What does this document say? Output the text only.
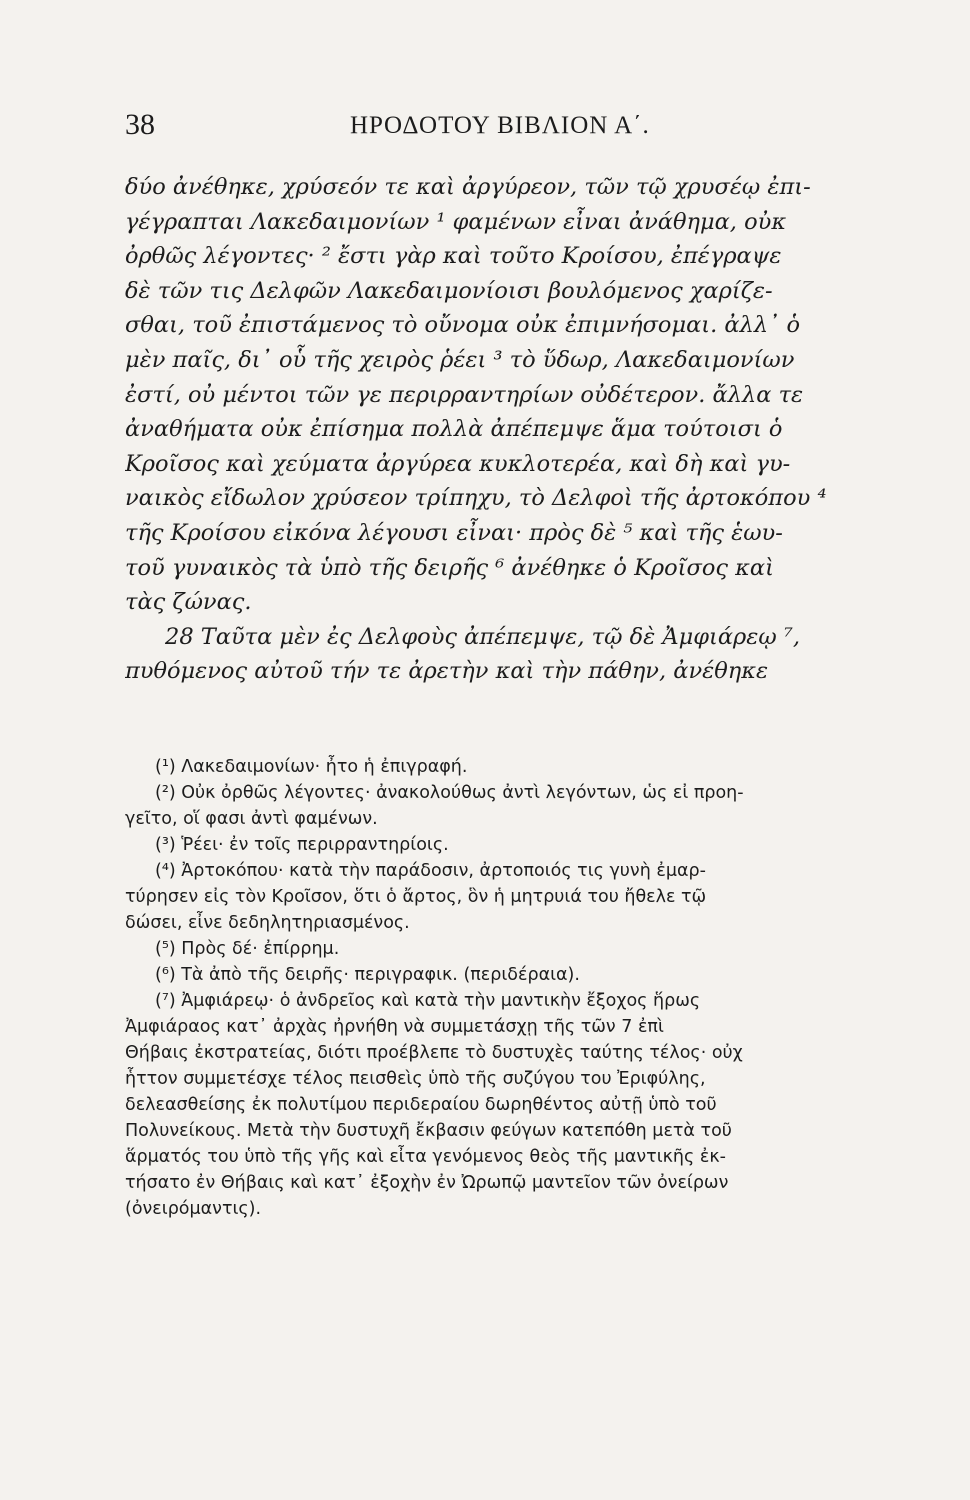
38	ΗΡΟΔΟΤΟΥ ΒΙΒΛΙΟΝ Α΄.
δύο ἀνέθηκε, χρύσεόν τε καὶ ἀργύρεον, τῶν τῷ χρυσέῳ ἐπι-
γέγραπται Λακεδαιμονίων ¹ φαμένων εἶναι ἀνάθημα, οὐκ
ὀρθῶς λέγοντες· ² ἔστι γὰρ καὶ τοῦτο Κροίσου, ἐπέγραψε
δὲ τῶν τις Δελφῶν Λακεδαιμονίοισι βουλόμενος χαρίζε-
σθαι, τοῦ ἐπιστάμενος τὸ οὔνομα οὐκ ἐπιμνήσομαι. ἀλλ᾽ ὁ
μὲν παῖς, δι᾽ οὗ τῆς χειρὸς ῥέει ³ τὸ ὕδωρ, Λακεδαιμονίων
ἐστί, οὐ μέντοι τῶν γε περιρραντηρίων οὐδέτερον. ἄλλα τε
ἀναθήματα οὐκ ἐπίσημα πολλὰ ἀπέπεμψε ἅμα τούτοισι ὁ
Κροῖσος καὶ χεύματα ἀργύρεα κυκλοτερέα, καὶ δὴ καὶ γυ-
ναικὸς εἴδωλον χρύσεον τρίπηχυ, τὸ Δελφοὶ τῆς ἀρτοκόπου ⁴
τῆς Κροίσου εἰκόνα λέγουσι εἶναι· πρὸς δὲ ⁵ καὶ τῆς ἑωυ-
τοῦ γυναικὸς τὰ ὑπὸ τῆς δειρῆς ⁶ ἀνέθηκε ὁ Κροῖσος καὶ
τὰς ζώνας.
28 Ταῦτα μὲν ἐς Δελφοὺς ἀπέπεμψε, τῷ δὲ Ἀμφιάρεῳ ⁷,
πυθόμενος αὐτοῦ τήν τε ἀρετὴν καὶ τὴν πάθην, ἀνέθηκε
(¹) Λακεδαιμονίων· ἦτο ἡ ἐπιγραφή.
(²) Οὐκ ὀρθῶς λέγοντες· ἀνακολούθως ἀντὶ λεγόντων, ὡς εἰ προη-
γεῖτο, οἵ φασι ἀντὶ φαμένων.
(³) Ῥέει· ἐν τοῖς περιρραντηρίοις.
(⁴) Ἀρτοκόπου· κατὰ τὴν παράδοσιν, ἀρτοποιός τις γυνὴ ἐμαρ-
τύρησεν εἰς τὸν Κροῖσον, ὅτι ὁ ἄρτος, ὃν ἡ μητρυιά του ἤθελε τῷ
δώσει, εἶνε δεδηλητηριασμένος.
(⁵) Πρὸς δέ· ἐπίρρημ.
(⁶) Τὰ ἀπὸ τῆς δειρῆς· περιγραφικ. (περιδέραια).
(⁷) Ἀμφιάρεῳ· ὁ ἀνδρεῖος καὶ κατὰ τὴν μαντικὴν ἔξοχος ἥρως
Ἀμφιάραος κατ᾽ ἀρχὰς ἠρνήθη νὰ συμμετάσχῃ τῆς τῶν 7 ἐπὶ
Θήβαις ἐκστρατείας, διότι προέβλεπε τὸ δυστυχὲς ταύτης τέλος· οὐχ
ἧττον συμμετέσχε τέλος πεισθεὶς ὑπὸ τῆς συζύγου του Ἐριφύλης,
δελεασθείσης ἐκ πολυτίμου περιδεραίου δωρηθέντος αὐτῇ ὑπὸ τοῦ
Πολυνείκους. Μετὰ τὴν δυστυχῆ ἔκβασιν φεύγων κατεπόθη μετὰ τοῦ
ἅρματός του ὑπὸ τῆς γῆς καὶ εἶτα γενόμενος θεὸς τῆς μαντικῆς ἐκ-
τήσατο ἐν Θήβαις καὶ κατ᾽ ἐξοχὴν ἐν Ὠρωπῷ μαντεῖον τῶν ὀνείρων
(ὀνειρόμαντις).
